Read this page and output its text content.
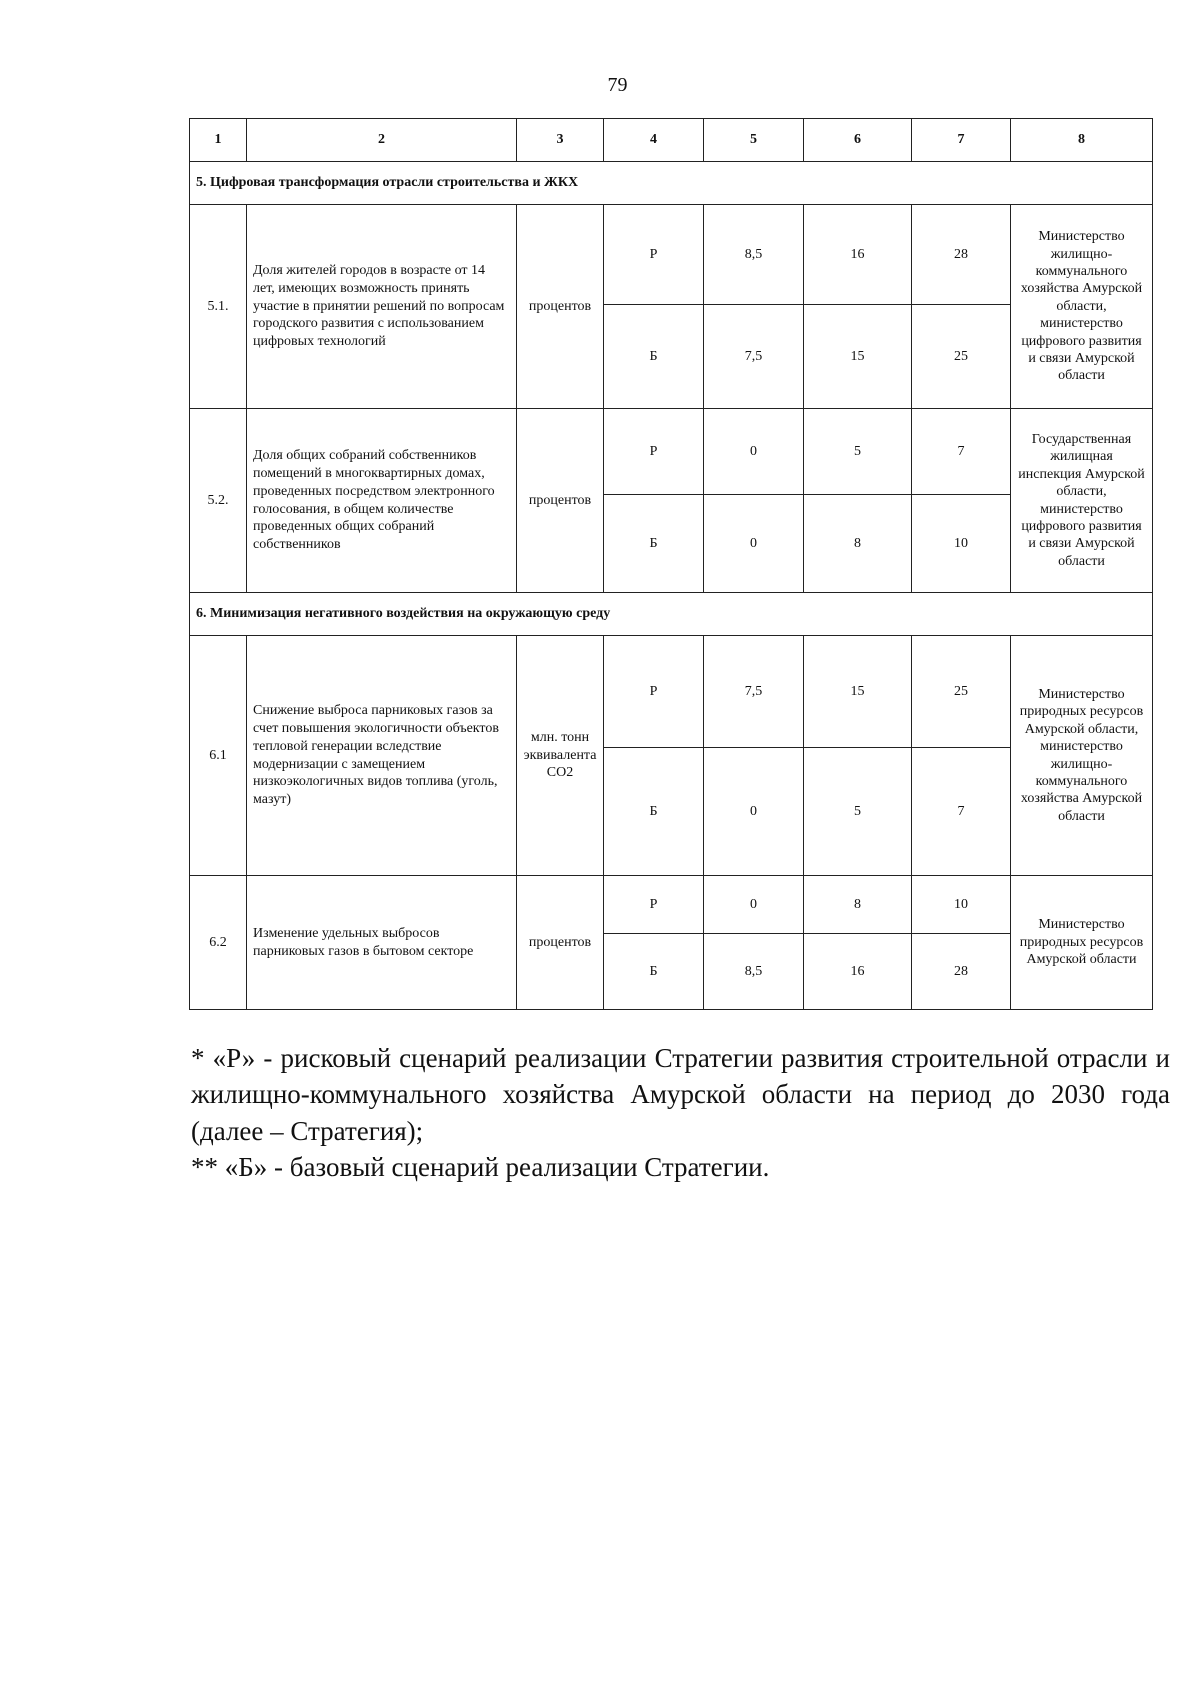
79
1	2	3	4	5	6	7	8
5. Цифровая трансформация отрасли строительства и ЖКХ							
5.1.	Доля жителей городов в возрасте от 14 лет, имеющих возможность принять участие в принятии решений по вопросам городского развития с использованием цифровых технологий	процентов	Р	8,5	16	28	Министерство жилищно-коммунального хозяйства Амурской области, министерство цифрового развития и связи Амурской области
			Б	7,5	15	25	
5.2.	Доля общих собраний собственников помещений в многоквартирных домах, проведенных посредством электронного голосования, в общем количестве проведенных общих собраний собственников	процентов	Р	0	5	7	Государственная жилищная инспекция Амурской области, министерство цифрового развития и связи Амурской области
			Б	0	8	10	
6. Минимизация негативного воздействия на окружающую среду							
6.1	Снижение выброса парниковых газов за счет повышения экологичности объектов тепловой генерации вследствие модернизации с замещением низкоэкологичных видов топлива (уголь, мазут)	млн. тонн эквивалента СО2	Р	7,5	15	25	Министерство природных ресурсов Амурской области, министерство жилищно-коммунального хозяйства Амурской области
			Б	0	5	7	
6.2	Изменение удельных выбросов парниковых газов в бытовом секторе	процентов	Р	0	8	10	Министерство природных ресурсов Амурской области
			Б	8,5	16	28	

* «Р» - рисковый сценарий реализации Стратегии развития строительной отрасли и жилищно-коммунального хозяйства Амурской области на период до 2030 года (далее – Стратегия);

** «Б» - базовый сценарий реализации Стратегии.
